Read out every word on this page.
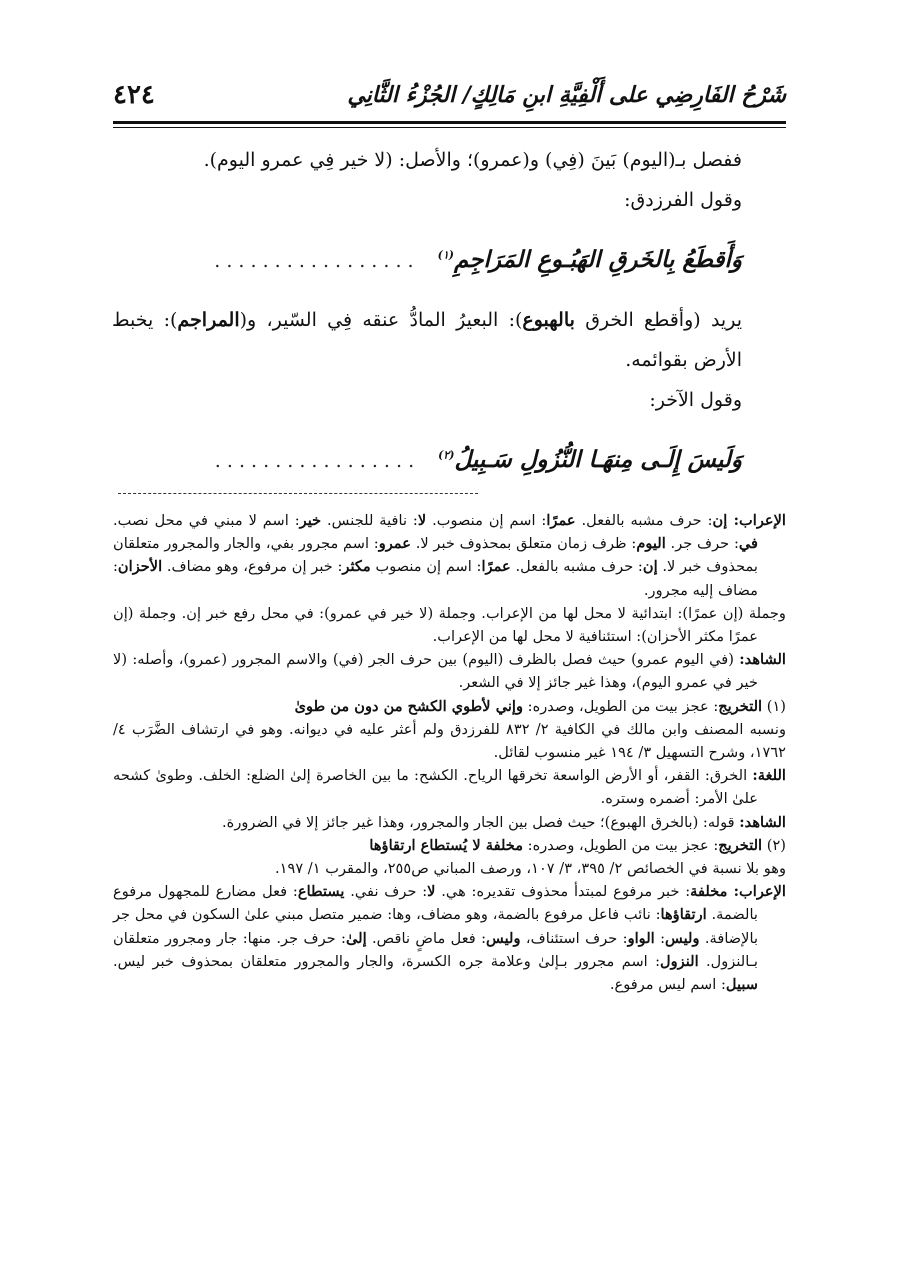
٤٢٤	شَرْحُ الفَارِضِي على أَلْفِيَّةِ ابنِ مَالِكٍ/ الجُزْءُ الثَّانِي

ففصل بـ(اليوم) بَينَ (فِي) و(عمرو)؛ والأصل: (لا خير فِي عمرو اليوم).

وقول الفرزدق:

وَأَقطَعُ بِالخَرقِ الهَبُـوعِ المَرَاجِمِ$^{(١)}$ . . . . . . . . . . . . . . . . .

يريد (وأقطع الخرق بالهبوع): البعيرُ المادُّ عنقه فِي السّير، و(المراجم): يخبط الأرض بقوائمه.

وقول الآخر:

وَلَيسَ إِلَـى مِنهَـا النُّزُولِ سَـبِيلُ$^{(٢)}$ . . . . . . . . . . . . . . . . .

الإعراب: إن: حرف مشبه بالفعل. عمرًا: اسم إن منصوب. لا: نافية للجنس. خير: اسم لا مبني في محل نصب. في: حرف جر. اليوم: ظرف زمان متعلق بمحذوف خبر لا. عمرو: اسم مجرور بفي، والجار والمجرور متعلقان بمحذوف خبر لا. إن: حرف مشبه بالفعل. عمرًا: اسم إن منصوب مكثر: خبر إن مرفوع، وهو مضاف. الأحزان: مضاف إليه مجرور.

وجملة (إن عمرًا): ابتدائية لا محل لها من الإعراب. وجملة (لا خير في عمرو): في محل رفع خبر إن. وجملة (إن عمرًا مكثر الأحزان): استئنافية لا محل لها من الإعراب.

الشاهد: (في اليوم عمرو) حيث فصل بالظرف (اليوم) بين حرف الجر (في) والاسم المجرور (عمرو)، وأصله: (لا خير في عمرو اليوم)، وهذا غير جائز إلا في الشعر.

(١) التخريج: عجز بيت من الطويل، وصدره: وإني لأطوي الكشح من دون من طوىٰ

ونسبه المصنف وابن مالك في الكافية ٢/ ٨٣٢ للفرزدق ولم أعثر عليه في ديوانه. وهو في ارتشاف الضَّرَب ٤/ ١٧٦٢، وشرح التسهيل ٣/ ١٩٤ غير منسوب لقائل.

اللغة: الخرق: القفر، أو الأرض الواسعة تخرقها الرياح. الكشح: ما بين الخاصرة إلىٰ الضلع: الخلف. وطوىٰ كشحه علىٰ الأمر: أضمره وستره.

الشاهد: قوله: (بالخرق الهبوع)؛ حيث فصل بين الجار والمجرور، وهذا غير جائز إلا في الضرورة.

(٢) التخريج: عجز بيت من الطويل، وصدره: مخلفة لا يُستطاع ارتقاؤها

وهو بلا نسبة في الخصائص ٢/ ٣٩٥، ٣/ ١٠٧، ورصف المباني ص٢٥٥، والمقرب ١/ ١٩٧.

الإعراب: مخلفة: خبر مرفوع لمبتدأ محذوف تقديره: هي. لا: حرف نفي. يستطاع: فعل مضارع للمجهول مرفوع بالضمة. ارتقاؤها: نائب فاعل مرفوع بالضمة، وهو مضاف، وها: ضمير متصل مبني علىٰ السكون في محل جر بالإضافة. وليس: الواو: حرف استئناف، وليس: فعل ماضٍ ناقص. إلىٰ: حرف جر. منها: جار ومجرور متعلقان بـالنزول. النزول: اسم مجرور بـإلىٰ وعلامة جره الكسرة، والجار والمجرور متعلقان بمحذوف خبر ليس. سبيل: اسم ليس مرفوع.
